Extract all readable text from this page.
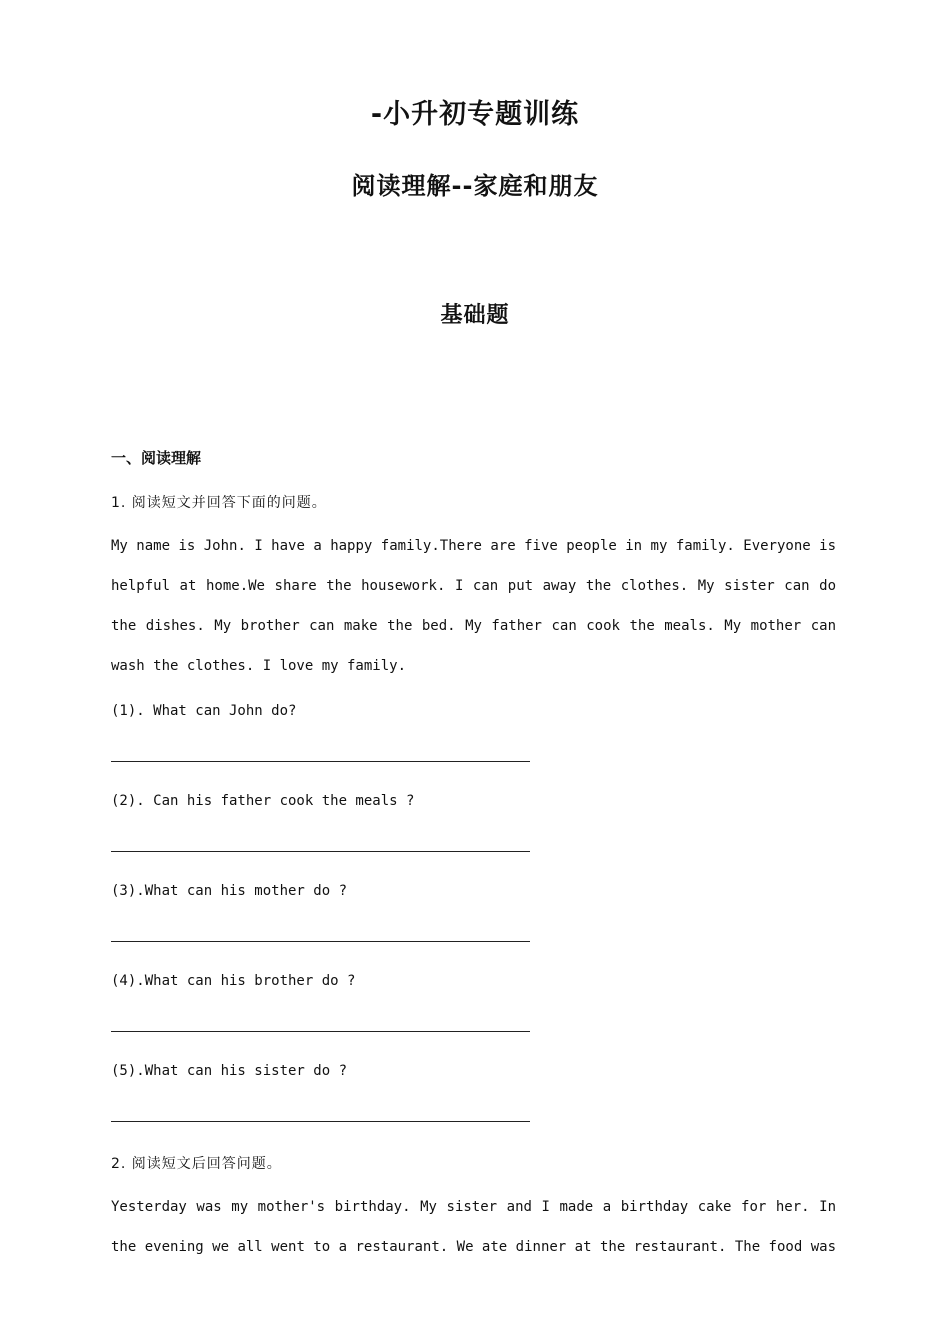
-小升初专题训练
阅读理解--家庭和朋友
基础题
一、阅读理解
1. 阅读短文并回答下面的问题。
My name is John. I have a happy family.There are five people in my family. Everyone is
helpful at home.We share the housework. I can put away the clothes. My sister can do
the dishes. My brother can make the bed. My father can cook the meals. My mother can
wash the clothes. I love my family.
(1). What can John do?
(2). Can his father cook the meals ?
(3).What can his mother do ?
(4).What can his brother do ?
(5).What can his sister do ?
2. 阅读短文后回答问题。
Yesterday was my mother's birthday. My sister and I made a birthday cake for her. In
the evening we all went to a restaurant. We ate dinner at the restaurant. The food was
